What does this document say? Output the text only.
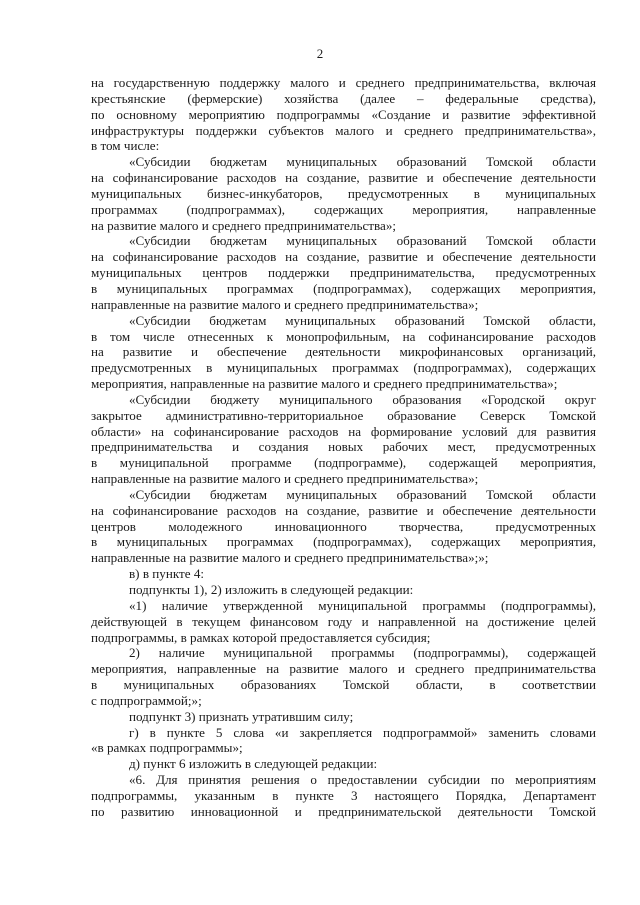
2
на государственную поддержку малого и среднего предпринимательства, включая
крестьянские (фермерские) хозяйства (далее – федеральные средства),
по основному мероприятию подпрограммы «Создание и развитие эффективной
инфраструктуры поддержки субъектов малого и среднего предпринимательства»,
в том числе:
«Субсидии бюджетам муниципальных образований Томской области
на софинансирование расходов на создание, развитие и обеспечение деятельности
муниципальных бизнес-инкубаторов, предусмотренных в муниципальных
программах (подпрограммах), содержащих мероприятия, направленные
на развитие малого и среднего предпринимательства»;
«Субсидии бюджетам муниципальных образований Томской области
на софинансирование расходов на создание, развитие и обеспечение деятельности
муниципальных центров поддержки предпринимательства, предусмотренных
в муниципальных программах (подпрограммах), содержащих мероприятия,
направленные на развитие малого и среднего предпринимательства»;
«Субсидии бюджетам муниципальных образований Томской области,
в том числе отнесенных к монопрофильным, на софинансирование расходов
на развитие и обеспечение деятельности микрофинансовых организаций,
предусмотренных в муниципальных программах (подпрограммах), содержащих
мероприятия, направленные на развитие малого и среднего предпринимательства»;
«Субсидии бюджету муниципального образования «Городской округ
закрытое административно-территориальное образование Северск Томской
области» на софинансирование расходов на формирование условий для развития
предпринимательства и создания новых рабочих мест, предусмотренных
в муниципальной программе (подпрограмме), содержащей мероприятия,
направленные на развитие малого и среднего предпринимательства»;
«Субсидии бюджетам муниципальных образований Томской области
на софинансирование расходов на создание, развитие и обеспечение деятельности
центров молодежного инновационного творчества, предусмотренных
в муниципальных программах (подпрограммах), содержащих мероприятия,
направленные на развитие малого и среднего предпринимательства»;»;
в) в пункте 4:
подпункты 1), 2) изложить в следующей редакции:
«1) наличие утвержденной муниципальной программы (подпрограммы),
действующей в текущем финансовом году и направленной на достижение целей
подпрограммы, в рамках которой предоставляется субсидия;
2) наличие муниципальной программы (подпрограммы), содержащей
мероприятия, направленные на развитие малого и среднего предпринимательства
в муниципальных образованиях Томской области, в соответствии
с подпрограммой;»;
подпункт 3) признать утратившим силу;
г) в пункте 5 слова «и закрепляется подпрограммой» заменить словами
«в рамках подпрограммы»;
д) пункт 6 изложить в следующей редакции:
«6. Для принятия решения о предоставлении субсидии по мероприятиям
подпрограммы, указанным в пункте 3 настоящего Порядка, Департамент
по развитию инновационной и предпринимательской деятельности Томской
